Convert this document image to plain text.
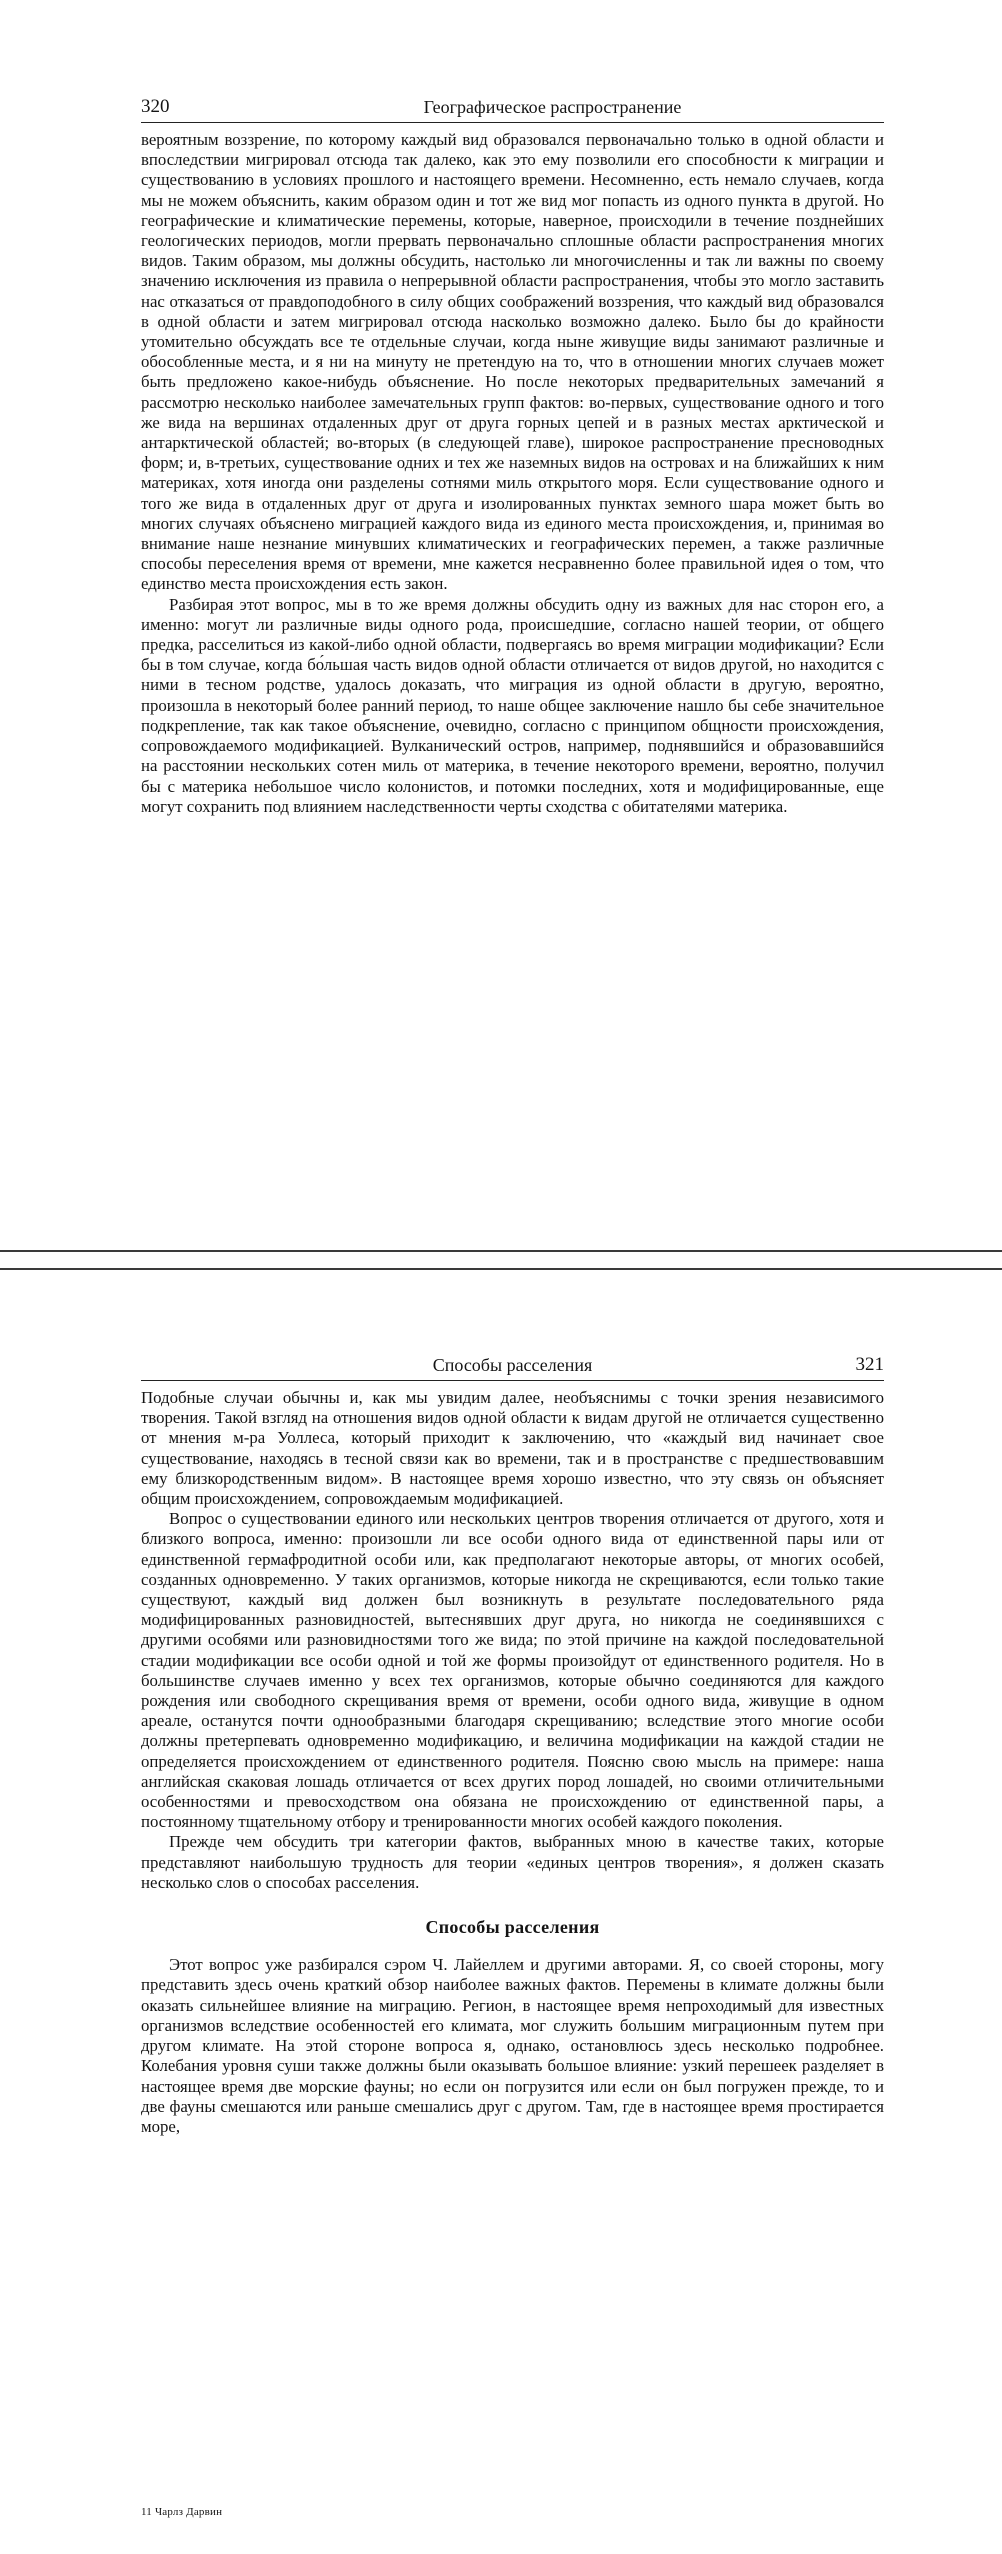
320	Географическое распространение

вероятным воззрение, по которому каждый вид образовался первоначально только в одной области и впоследствии мигрировал отсюда так далеко, как это ему позволили его способности к миграции и существованию в условиях прошлого и настоящего времени. Несомненно, есть немало случаев, когда мы не можем объяснить, каким образом один и тот же вид мог попасть из одного пункта в другой. Но географические и климатические перемены, которые, наверное, происходили в течение позднейших геологических периодов, могли прервать первоначально сплошные области распространения многих видов. Таким образом, мы должны обсудить, настолько ли многочисленны и так ли важны по своему значению исключения из правила о непрерывной области распространения, чтобы это могло заставить нас отказаться от правдоподобного в силу общих соображений воззрения, что каждый вид образовался в одной области и затем мигрировал отсюда насколько возможно далеко. Было бы до крайности утомительно обсуждать все те отдельные случаи, когда ныне живущие виды занимают различные и обособленные места, и я ни на минуту не претендую на то, что в отношении многих случаев может быть предложено какое-нибудь объяснение. Но после некоторых предварительных замечаний я рассмотрю несколько наиболее замечательных групп фактов: во-первых, существование одного и того же вида на вершинах отдаленных друг от друга горных цепей и в разных местах арктической и антарктической областей; во-вторых (в следующей главе), широкое распространение пресноводных форм; и, в-третьих, существование одних и тех же наземных видов на островах и на ближайших к ним материках, хотя иногда они разделены сотнями миль открытого моря. Если существование одного и того же вида в отдаленных друг от друга и изолированных пунктах земного шара может быть во многих случаях объяснено миграцией каждого вида из единого места происхождения, и, принимая во внимание наше незнание минувших климатических и географических перемен, а также различные способы переселения время от времени, мне кажется несравненно более правильной идея о том, что единство места происхождения есть закон.

Разбирая этот вопрос, мы в то же время должны обсудить одну из важных для нас сторон его, а именно: могут ли различные виды одного рода, происшедшие, согласно нашей теории, от общего предка, расселиться из какой-либо одной области, подвергаясь во время миграции модификации? Если бы в том случае, когда бо́льшая часть видов одной области отличается от видов другой, но находится с ними в тесном родстве, удалось доказать, что миграция из одной области в другую, вероятно, произошла в некоторый более ранний период, то наше общее заключение нашло бы себе значительное подкрепление, так как такое объяснение, очевидно, согласно с принципом общности происхождения, сопровождаемого модификацией. Вулканический остров, например, поднявшийся и образовавшийся на расстоянии нескольких сотен миль от материка, в течение некоторого времени, вероятно, получил бы с материка небольшое число колонистов, и потомки последних, хотя и модифицированные, еще могут сохранить под влиянием наследственности черты сходства с обитателями материка.

Способы расселения	321

Подобные случаи обычны и, как мы увидим далее, необъяснимы с точки зрения независимого творения. Такой взгляд на отношения видов одной области к видам другой не отличается существенно от мнения м-ра Уоллеса, который приходит к заключению, что «каждый вид начинает свое существование, находясь в тесной связи как во времени, так и в пространстве с предшествовавшим ему близкородственным видом». В настоящее время хорошо известно, что эту связь он объясняет общим происхождением, сопровождаемым модификацией.

Вопрос о существовании единого или нескольких центров творения отличается от другого, хотя и близкого вопроса, именно: произошли ли все особи одного вида от единственной пары или от единственной гермафродитной особи или, как предполагают некоторые авторы, от многих особей, созданных одновременно. У таких организмов, которые никогда не скрещиваются, если только такие существуют, каждый вид должен был возникнуть в результате последовательного ряда модифицированных разновидностей, вытеснявших друг друга, но никогда не соединявшихся с другими особями или разновидностями того же вида; по этой причине на каждой последовательной стадии модификации все особи одной и той же формы произойдут от единственного родителя. Но в большинстве случаев именно у всех тех организмов, которые обычно соединяются для каждого рождения или свободного скрещивания время от времени, особи одного вида, живущие в одном ареале, останутся почти однообразными благодаря скрещиванию; вследствие этого многие особи должны претерпевать одновременно модификацию, и величина модификации на каждой стадии не определяется происхождением от единственного родителя. Поясню свою мысль на примере: наша английская скаковая лошадь отличается от всех других пород лошадей, но своими отличительными особенностями и превосходством она обязана не происхождению от единственной пары, а постоянному тщательному отбору и тренированности многих особей каждого поколения.

Прежде чем обсудить три категории фактов, выбранных мною в качестве таких, которые представляют наибольшую трудность для теории «единых центров творения», я должен сказать несколько слов о способах расселения.

Способы расселения

Этот вопрос уже разбирался сэром Ч. Лайеллем и другими авторами. Я, со своей стороны, могу представить здесь очень краткий обзор наиболее важных фактов. Перемены в климате должны были оказать сильнейшее влияние на миграцию. Регион, в настоящее время непроходимый для известных организмов вследствие особенностей его климата, мог служить большим миграционным путем при другом климате. На этой стороне вопроса я, однако, остановлюсь здесь несколько подробнее. Колебания уровня суши также должны были оказывать большое влияние: узкий перешеек разделяет в настоящее время две морские фауны; но если он погрузится или если он был погружен прежде, то и две фауны смешаются или раньше смешались друг с другом. Там, где в настоящее время простирается море,

11 Чарлз Дарвин
